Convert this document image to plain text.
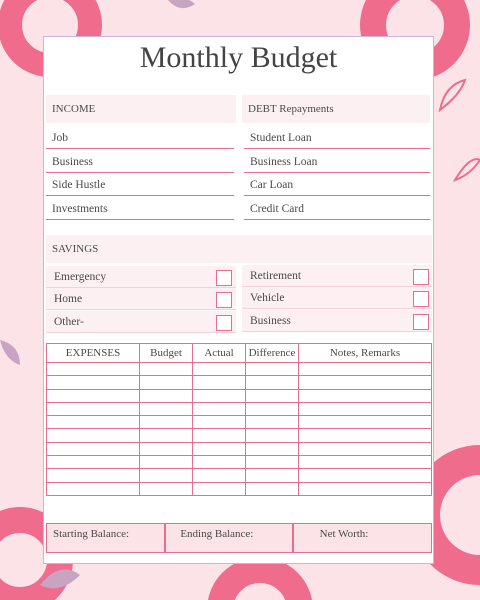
Monthly Budget
INCOME	DEBT Repayments
Job
Business
Side Hustle
Investments
Student Loan
Business Loan
Car Loan
Credit Card
SAVINGS
Emergency
Home
Other-
Retirement
Vehicle
Business
EXPENSES	Budget	Actual	Difference	Notes, Remarks

Starting Balance:	Ending Balance:	Net Worth:
